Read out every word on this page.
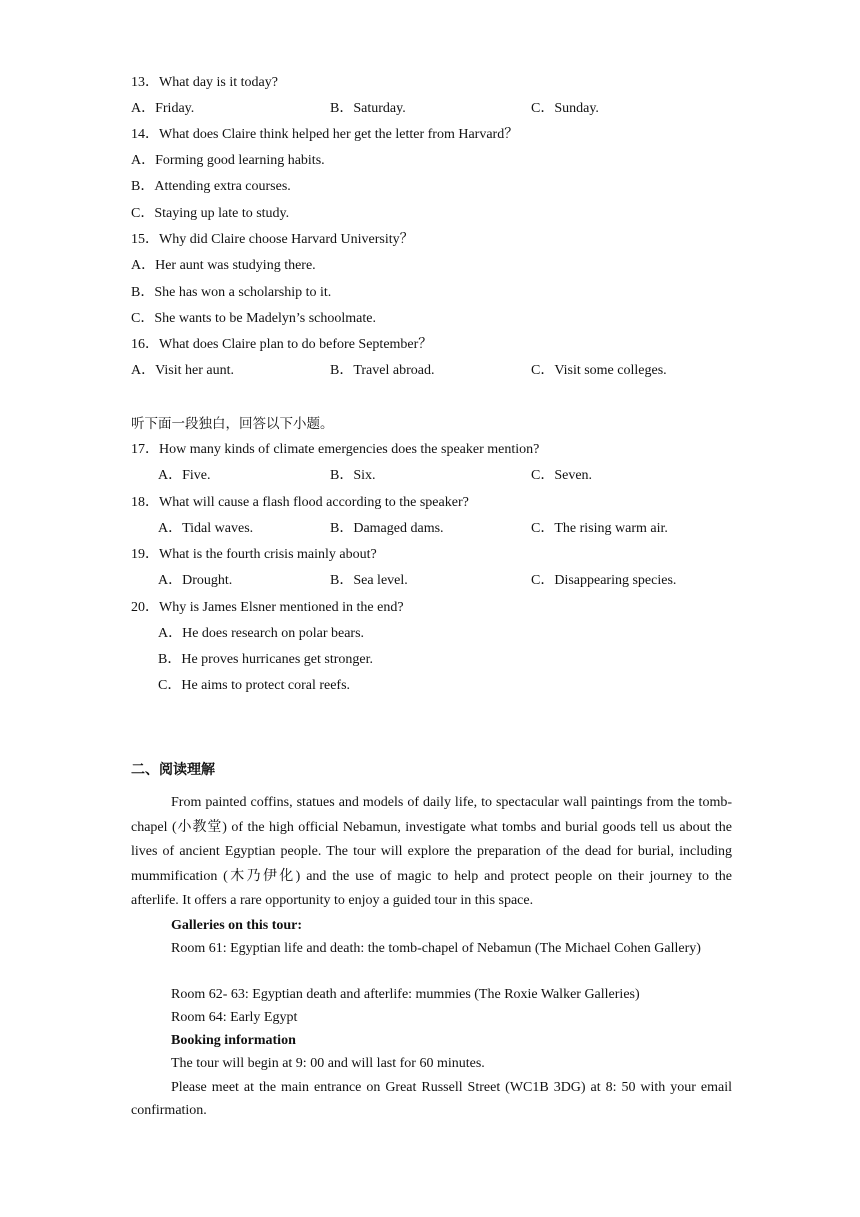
13．What day is it today?
A．Friday.	B．Saturday.	C．Sunday.
14．What does Claire think helped her get the letter from Harvard？
A．Forming good learning habits.
B．Attending extra courses.
C．Staying up late to study.
15．Why did Claire choose Harvard University？
A．Her aunt was studying there.
B．She has won a scholarship to it.
C．She wants to be Madelyn’s schoolmate.
16．What does Claire plan to do before September？
A．Visit her aunt.	B．Travel abroad.	C．Visit some colleges.
听下面一段独白，回答以下小题。
17．How many kinds of climate emergencies does the speaker mention?
A．Five.	B．Six.	C．Seven.
18．What will cause a flash flood according to the speaker?
A．Tidal waves.	B．Damaged dams.	C．The rising warm air.
19．What is the fourth crisis mainly about?
A．Drought.	B．Sea level.	C．Disappearing species.
20．Why is James Elsner mentioned in the end?
A．He does research on polar bears.
B．He proves hurricanes get stronger.
C．He aims to protect coral reefs.
二、阅读理解
From painted coffins, statues and models of daily life, to spectacular wall paintings from the tomb-chapel (小教堂) of the high official Nebamun, investigate what tombs and burial goods tell us about the lives of ancient Egyptian people. The tour will explore the preparation of the dead for burial, including mummification (木乃伊化) and the use of magic to help and protect people on their journey to the afterlife. It offers a rare opportunity to enjoy a guided tour in this space.
Galleries on this tour:
Room 61: Egyptian life and death: the tomb-chapel of Nebamun (The Michael Cohen Gallery)
Room 62- 63: Egyptian death and afterlife: mummies (The Roxie Walker Galleries)
Room 64: Early Egypt
Booking information
The tour will begin at 9: 00 and will last for 60 minutes.
Please meet at the main entrance on Great Russell Street (WC1B 3DG) at 8: 50 with your email confirmation.
